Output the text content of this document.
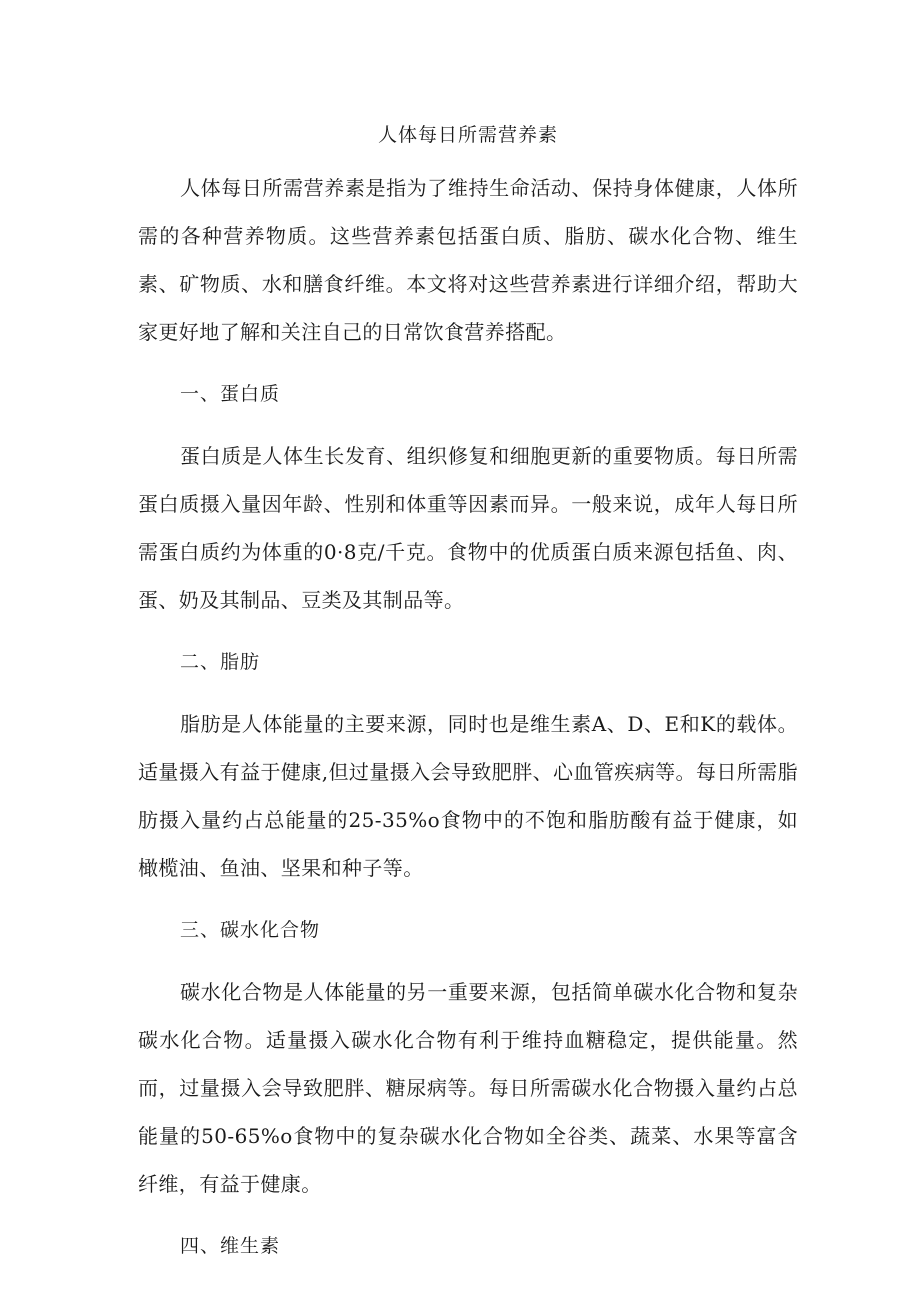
人体每日所需营养素

人体每日所需营养素是指为了维持生命活动、保持身体健康，人体所需的各种营养物质。这些营养素包括蛋白质、脂肪、碳水化合物、维生素、矿物质、水和膳食纤维。本文将对这些营养素进行详细介绍，帮助大家更好地了解和关注自己的日常饮食营养搭配。

一、蛋白质

蛋白质是人体生长发育、组织修复和细胞更新的重要物质。每日所需蛋白质摄入量因年龄、性别和体重等因素而异。一般来说，成年人每日所需蛋白质约为体重的0·8克/千克。食物中的优质蛋白质来源包括鱼、肉、蛋、奶及其制品、豆类及其制品等。

二、脂肪

脂肪是人体能量的主要来源，同时也是维生素A、D、E和K的载体。适量摄入有益于健康,但过量摄入会导致肥胖、心血管疾病等。每日所需脂肪摄入量约占总能量的25-35%o食物中的不饱和脂肪酸有益于健康，如橄榄油、鱼油、坚果和种子等。

三、碳水化合物

碳水化合物是人体能量的另一重要来源，包括简单碳水化合物和复杂碳水化合物。适量摄入碳水化合物有利于维持血糖稳定，提供能量。然而，过量摄入会导致肥胖、糖尿病等。每日所需碳水化合物摄入量约占总能量的50-65%o食物中的复杂碳水化合物如全谷类、蔬菜、水果等富含纤维，有益于健康。

四、维生素
